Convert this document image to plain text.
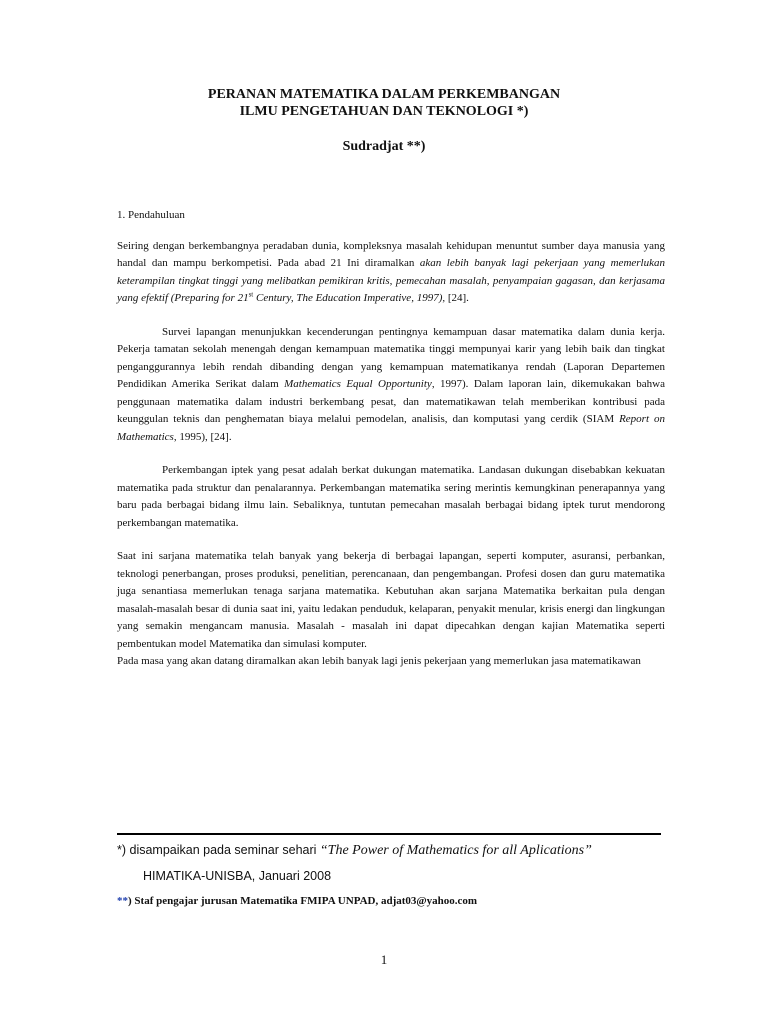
PERANAN MATEMATIKA DALAM PERKEMBANGAN
ILMU PENGETAHUAN DAN TEKNOLOGI *)
Sudradjat **)

1. Pendahuluan

Seiring dengan berkembangnya peradaban dunia, kompleksnya masalah kehidupan menuntut sumber daya manusia yang handal dan mampu berkompetisi. Pada abad 21 Ini diramalkan akan lebih banyak lagi pekerjaan yang memerlukan keterampilan tingkat tinggi yang melibatkan pemikiran kritis, pemecahan masalah, penyampaian gagasan, dan kerjasama yang efektif (Preparing for 21st Century, The Education Imperative, 1997), [24].

Survei lapangan menunjukkan kecenderungan pentingnya kemampuan dasar matematika dalam dunia kerja. Pekerja tamatan sekolah menengah dengan kemampuan matematika tinggi mempunyai karir yang lebih baik dan tingkat penganggurannya lebih rendah dibanding dengan yang kemampuan matematikanya rendah (Laporan Departemen Pendidikan Amerika Serikat dalam Mathematics Equal Opportunity, 1997). Dalam laporan lain, dikemukakan bahwa penggunaan matematika dalam industri berkembang pesat, dan matematikawan telah memberikan kontribusi pada keunggulan teknis dan penghematan biaya melalui pemodelan, analisis, dan komputasi yang cerdik (SIAM Report on Mathematics, 1995), [24].

Perkembangan iptek yang pesat adalah berkat dukungan matematika. Landasan dukungan disebabkan kekuatan matematika pada struktur dan penalarannya. Perkembangan matematika sering merintis kemungkinan penerapannya yang baru pada berbagai bidang ilmu lain. Sebaliknya, tuntutan pemecahan masalah berbagai bidang iptek turut mendorong perkembangan matematika.

Saat ini sarjana matematika telah banyak yang bekerja di berbagai lapangan, seperti komputer, asuransi, perbankan, teknologi penerbangan, proses produksi, penelitian, perencanaan, dan pengembangan. Profesi dosen dan guru matematika juga senantiasa memerlukan tenaga sarjana matematika. Kebutuhan akan sarjana Matematika berkaitan pula dengan masalah-masalah besar di dunia saat ini, yaitu ledakan penduduk, kelaparan, penyakit menular, krisis energi dan lingkungan yang semakin mengancam manusia. Masalah - masalah ini dapat dipecahkan dengan kajian Matematika seperti pembentukan model Matematika dan simulasi komputer.

Pada masa yang akan datang diramalkan akan lebih banyak lagi jenis pekerjaan yang memerlukan jasa matematikawan

*) disampaikan pada seminar sehari “The Power of Mathematics for all Aplications”
HIMATIKA-UNISBA, Januari 2008
**) Staf pengajar jurusan Matematika FMIPA UNPAD, adjat03@yahoo.com
1
